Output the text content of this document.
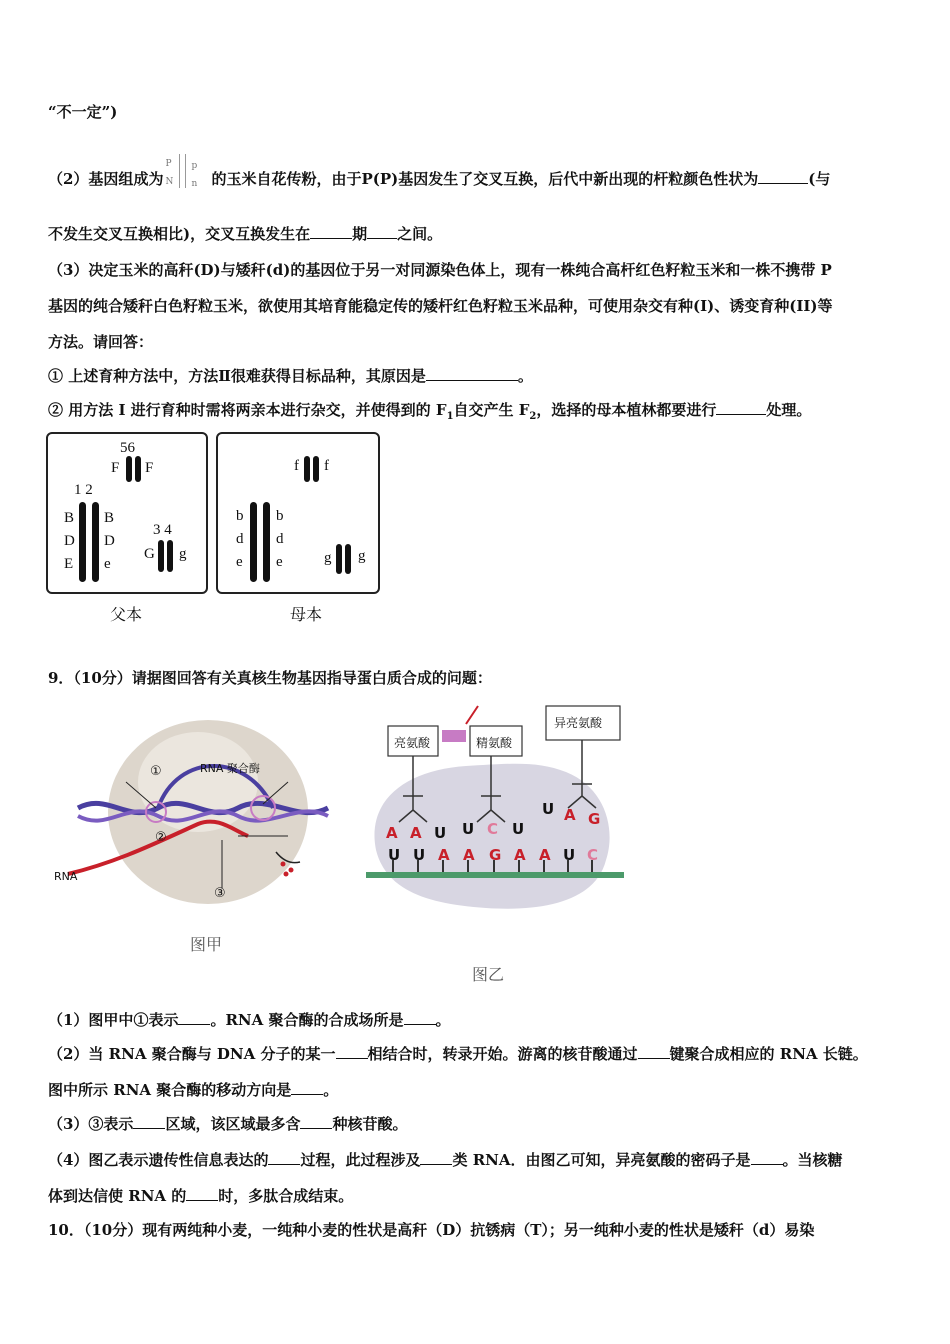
“不一定”)
（2）基因组成为
P
N
p
n 的玉米自花传粉，由于P(P)基因发生了交叉互换，后代中新出现的杆粒颜色性状为	(与
不发生交叉互换相比)，交叉互换发生在	期 之间。
（3）决定玉米的高秆(D)与矮秆(d)的基因位于另一对同源染色体上，现有一株纯合高杆红色籽粒玉米和一株不携带 P
基因的纯合矮秆白色籽粒玉米，欲使用其培育能稳定传的矮杆红色籽粒玉米品种，可使用杂交有种(I)、诱变育种(II)等
方法。请回答：
① 上述育种方法中，方法Ⅱ很难获得目标品种，其原因是	。
② 用方法 I 进行育种时需将两亲本进行杂交，并使得到的 $F_1$自交产生 $F_2$，选择的母本植林都要进行	处理。
56
F F
1 2
B
D
E
B
D
e
3 4
G g
父本
f f
b
d
e
b
d
e	g g
母本
9．（10分）请据图回答有关真核生物基因指导蛋白质合成的问题：
①	RNA 聚合酶
②
③
RNA
图甲
亮氨酸	精氨酸
异亮氨酸
A A U U C U
U A G
U U A A G A A U C
图乙
（1）图甲中①表示 。RNA 聚合酶的合成场所是 。
（2）当 RNA 聚合酶与 DNA 分子的某一 相结合时，转录开始。游离的核苷酸通过 键聚合成相应的 RNA 长链。
图中所示 RNA 聚合酶的移动方向是 。
（3）③表示 区域，该区域最多含 种核苷酸。
（4）图乙表示遗传性信息表达的 过程，此过程涉及 类 RNA．由图乙可知，异亮氨酸的密码子是 。当核糖
体到达信使 RNA 的 时，多肽合成结束。
10．（10分）现有两纯种小麦，一纯种小麦的性状是高秆（D）抗锈病（T）；另一纯种小麦的性状是矮秆（d）易染
